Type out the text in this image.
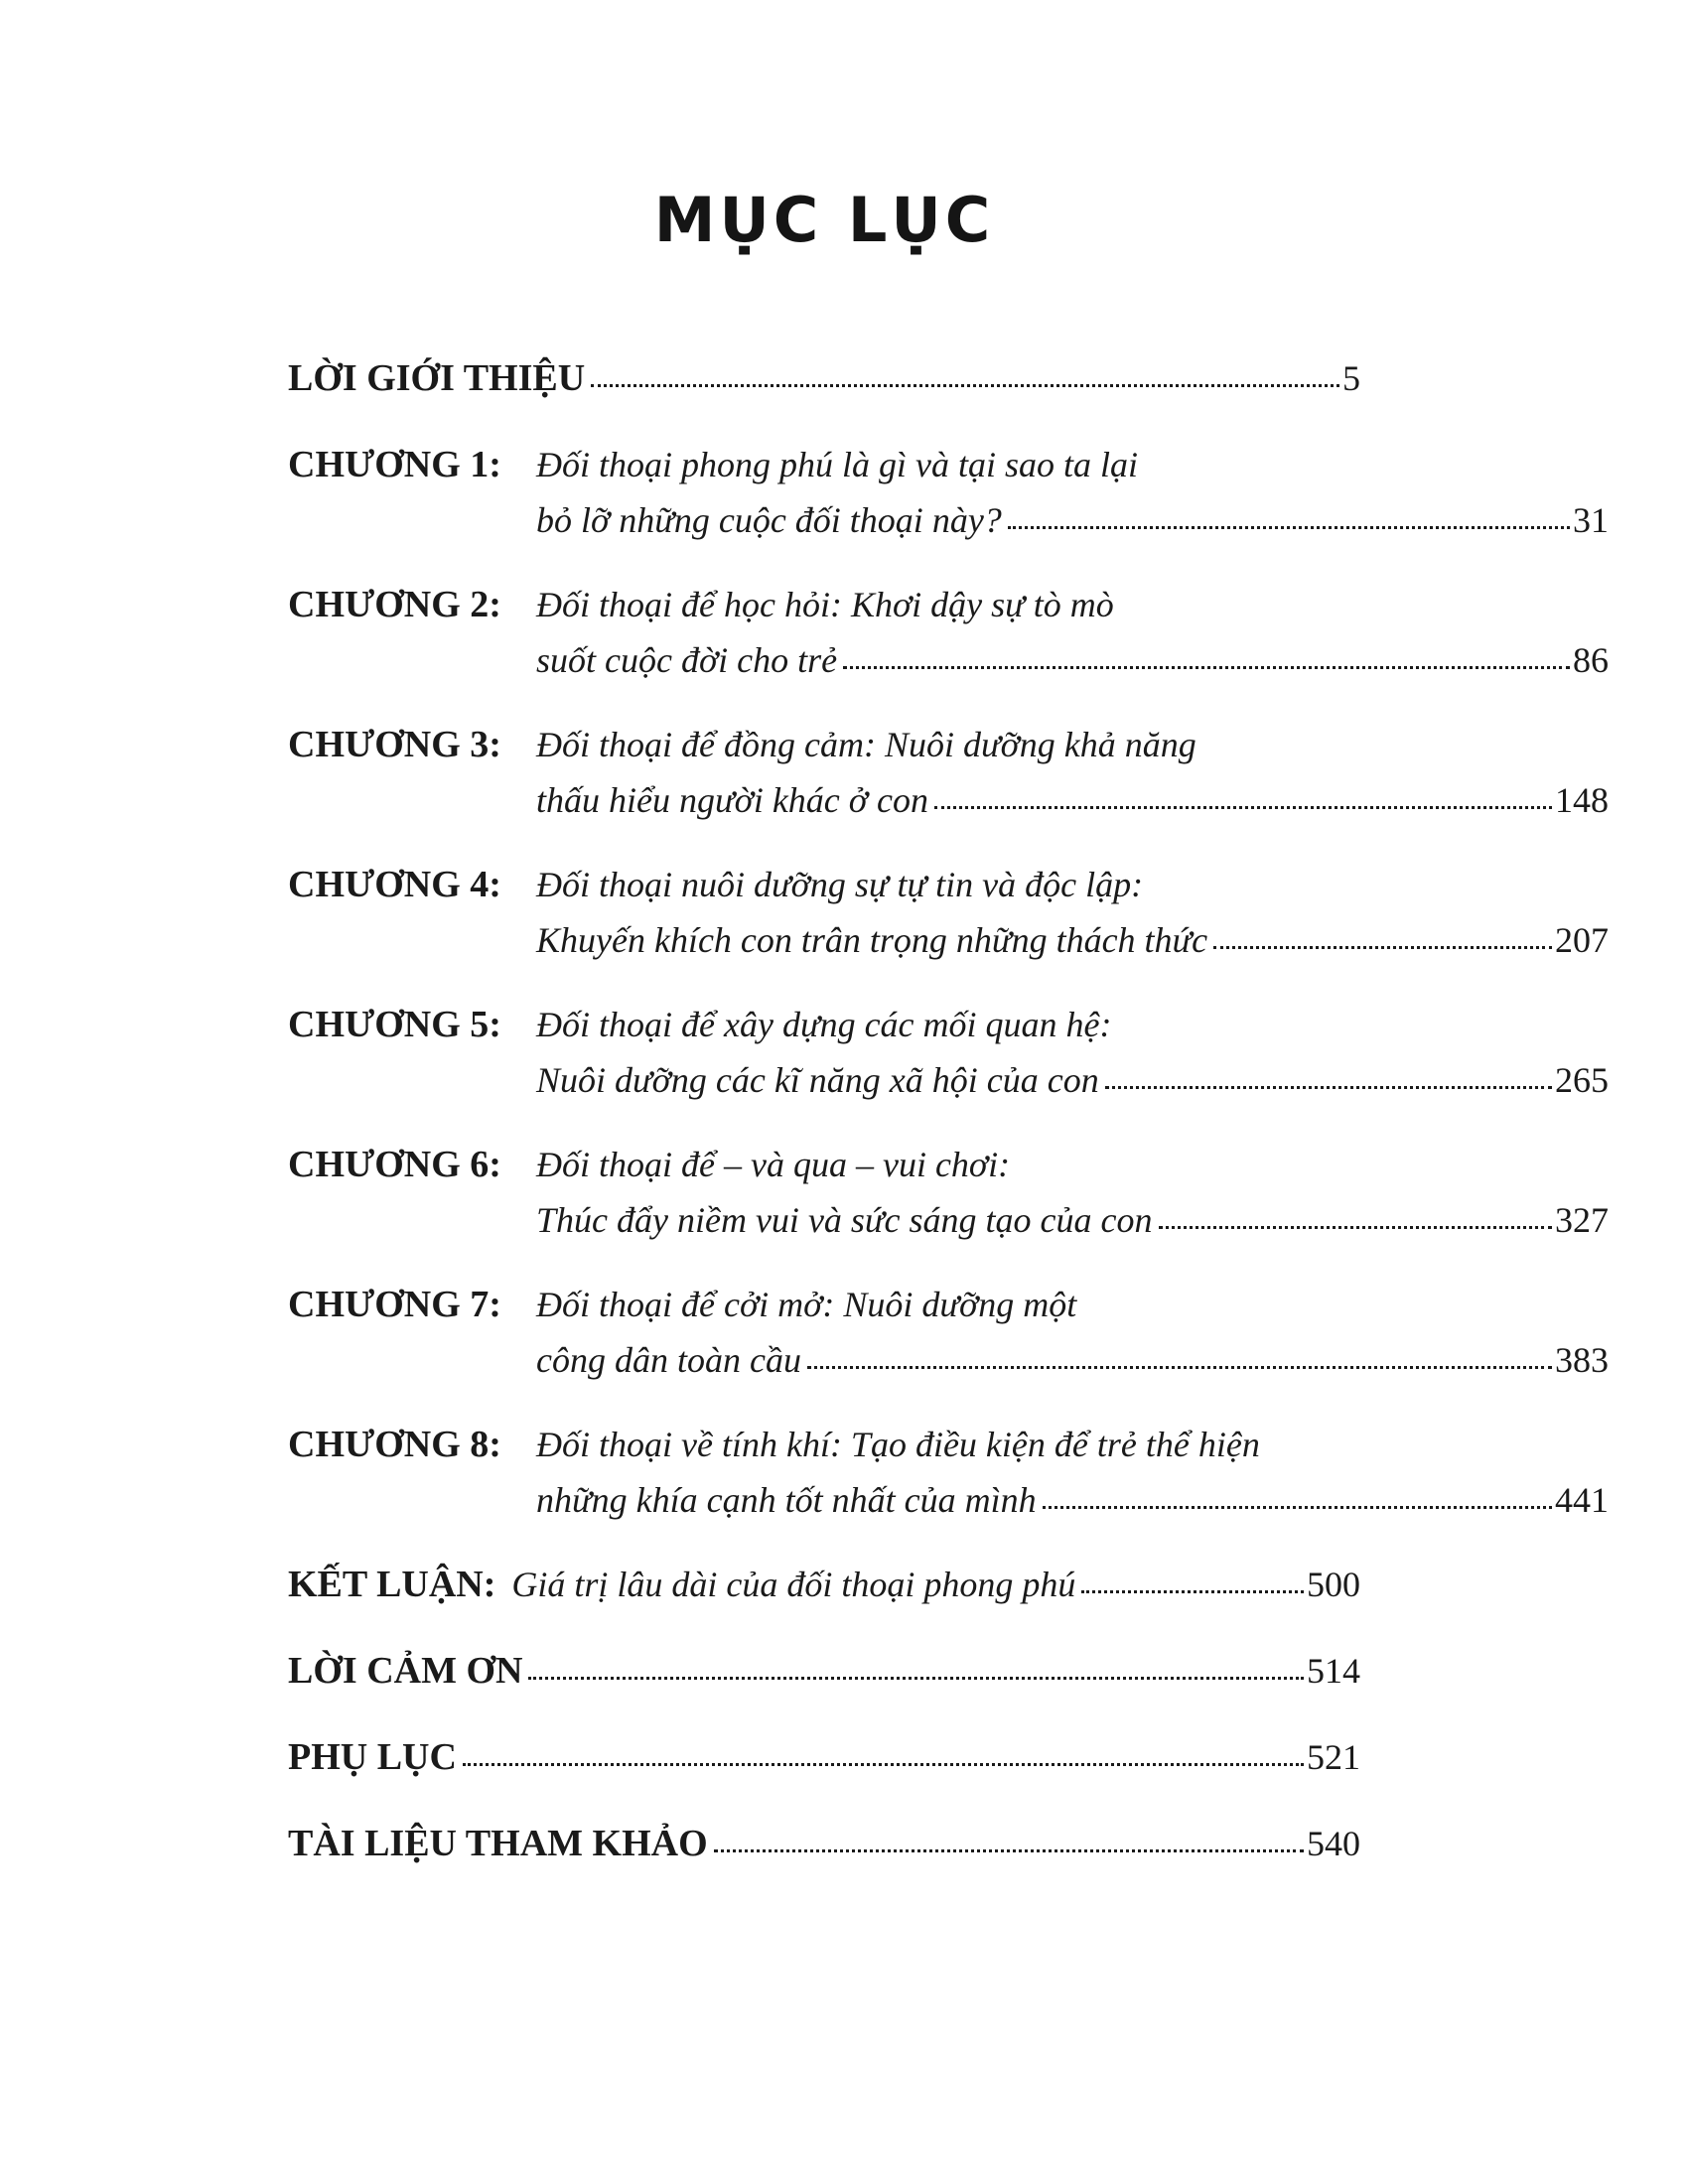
MỤC LỤC
LỜI GIỚI THIỆU	5
CHƯƠNG 1: Đối thoại phong phú là gì và tại sao ta lại
bỏ lỡ những cuộc đối thoại này?	31
CHƯƠNG 2: Đối thoại để học hỏi: Khơi dậy sự tò mò
suốt cuộc đời cho trẻ	86
CHƯƠNG 3: Đối thoại để đồng cảm: Nuôi dưỡng khả năng
thấu hiểu người khác ở con	148
CHƯƠNG 4: Đối thoại nuôi dưỡng sự tự tin và độc lập:
Khuyến khích con trân trọng những thách thức	207
CHƯƠNG 5: Đối thoại để xây dựng các mối quan hệ:
Nuôi dưỡng các kĩ năng xã hội của con	265
CHƯƠNG 6: Đối thoại để – và qua – vui chơi:
Thúc đẩy niềm vui và sức sáng tạo của con	327
CHƯƠNG 7: Đối thoại để cởi mở: Nuôi dưỡng một
công dân toàn cầu	383
CHƯƠNG 8: Đối thoại về tính khí: Tạo điều kiện để trẻ thể hiện
những khía cạnh tốt nhất của mình	441
KẾT LUẬN: Giá trị lâu dài của đối thoại phong phú	500
LỜI CẢM ƠN	514
PHỤ LỤC	521
TÀI LIỆU THAM KHẢO	540
